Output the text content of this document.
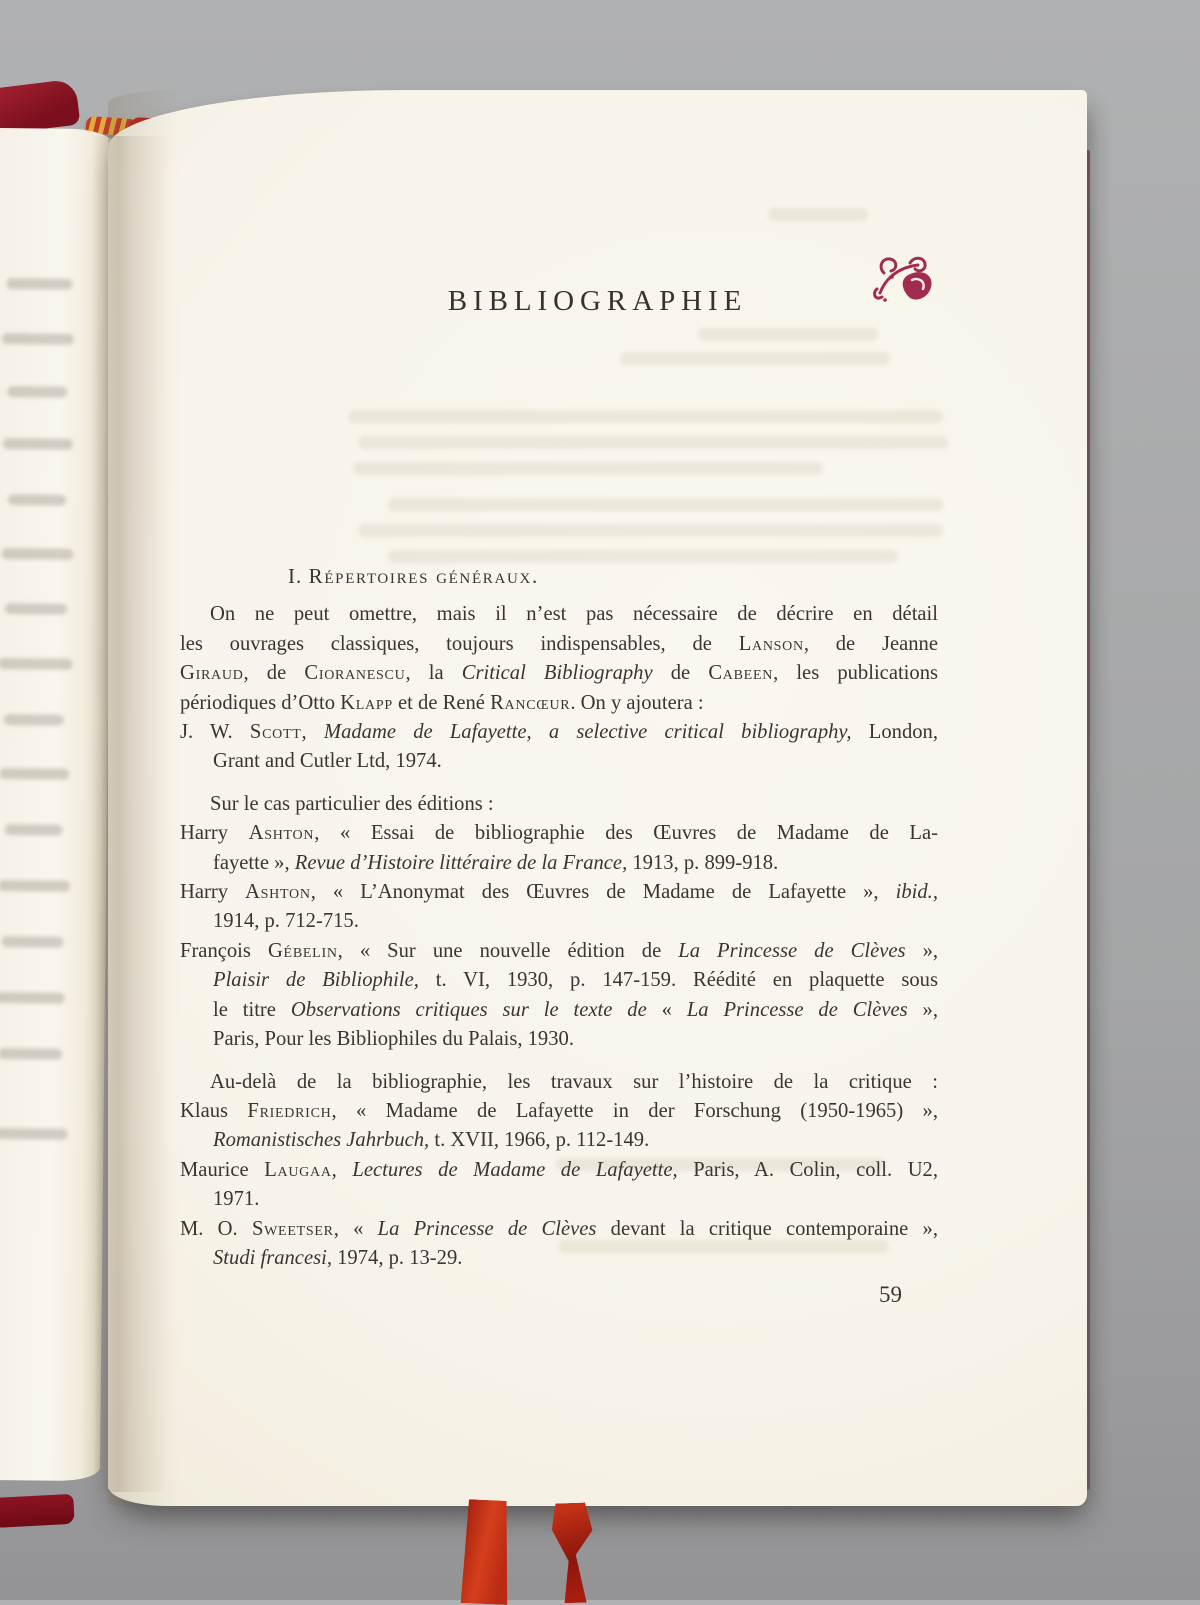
BIBLIOGRAPHIE

I. Répertoires généraux.

On ne peut omettre, mais il n’est pas nécessaire de décrire en détail

les ouvrages classiques, toujours indispensables, de Lanson, de Jeanne

Giraud, de Cioranescu, la Critical Bibliography de Cabeen, les publications

périodiques d’Otto Klapp et de René Rancœur. On y ajoutera :

J. W. Scott, Madame de Lafayette, a selective critical bibliography, London,

Grant and Cutler Ltd, 1974.

Sur le cas particulier des éditions :

Harry Ashton, « Essai de bibliographie des Œuvres de Madame de La-

fayette », Revue d’Histoire littéraire de la France, 1913, p. 899-918.

Harry Ashton, « L’Anonymat des Œuvres de Madame de Lafayette », ibid.,

1914, p. 712-715.

François Gébelin, « Sur une nouvelle édition de La Princesse de Clèves »,

Plaisir de Bibliophile, t. VI, 1930, p. 147-159. Réédité en plaquette sous

le titre Observations critiques sur le texte de « La Princesse de Clèves »,

Paris, Pour les Bibliophiles du Palais, 1930.

Au-delà de la bibliographie, les travaux sur l’histoire de la critique :

Klaus Friedrich, « Madame de Lafayette in der Forschung (1950-1965) »,

Romanistisches Jahrbuch, t. XVII, 1966, p. 112-149.

Maurice Laugaa, Lectures de Madame de Lafayette, Paris, A. Colin, coll. U2,

1971.

M. O. Sweetser, « La Princesse de Clèves devant la critique contemporaine »,

Studi francesi, 1974, p. 13-29.

59
